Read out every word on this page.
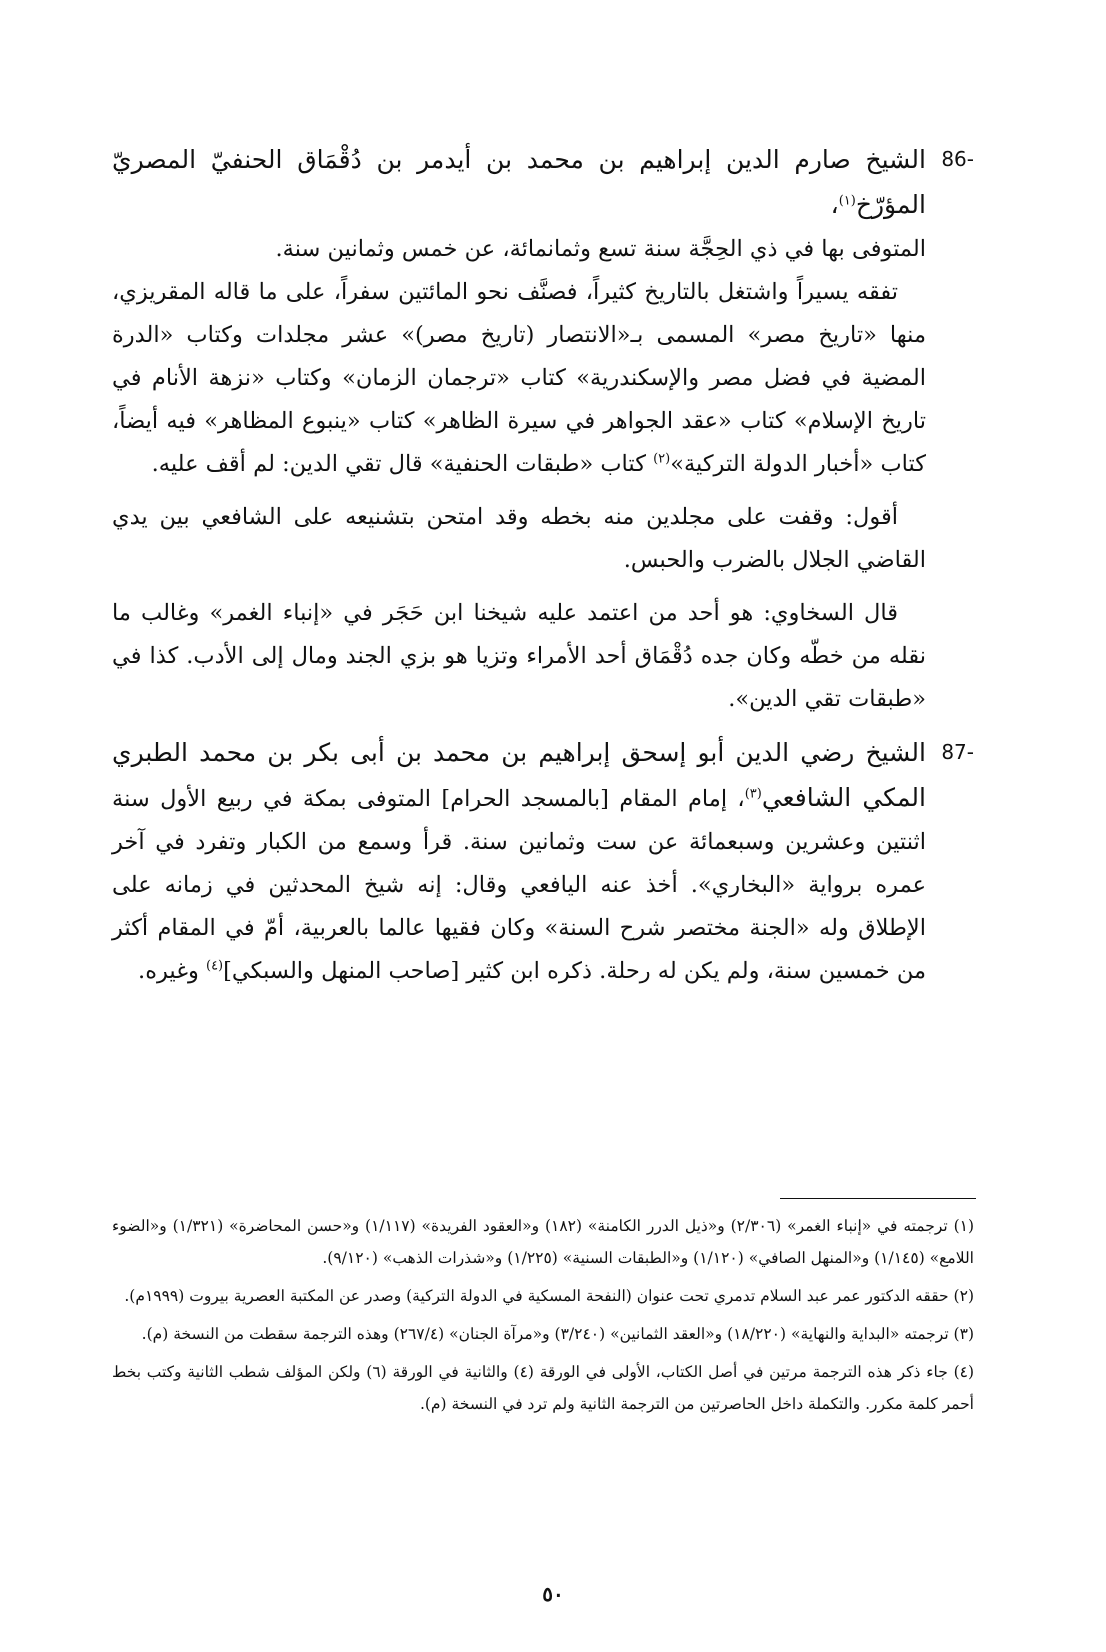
86-
الشيخ صارم الدين إبراهيم بن محمد بن أيدمر بن دُقْمَاق الحنفيّ المصريّ المؤرّخ$^{(١)}$،

المتوفى بها في ذي الحِجَّة سنة تسع وثمانمائة، عن خمس وثمانين سنة.

تفقه يسيراً واشتغل بالتاريخ كثيراً، فصنَّف نحو المائتين سفراً، على ما قاله المقريزي، منها «تاريخ مصر» المسمى بـ«الانتصار (تاريخ مصر)» عشر مجلدات وكتاب «الدرة المضية في فضل مصر والإسكندرية» كتاب «ترجمان الزمان» وكتاب «نزهة الأنام في تاريخ الإسلام» كتاب «عقد الجواهر في سيرة الظاهر» كتاب «ينبوع المظاهر» فيه أيضاً، كتاب «أخبار الدولة التركية»$^{(٢)}$ كتاب «طبقات الحنفية» قال تقي الدين: لم أقف عليه.

أقول: وقفت على مجلدين منه بخطه وقد امتحن بتشنيعه على الشافعي بين يدي القاضي الجلال بالضرب والحبس.

قال السخاوي: هو أحد من اعتمد عليه شيخنا ابن حَجَر في «إنباء الغمر» وغالب ما نقله من خطّه وكان جده دُقْمَاق أحد الأمراء وتزيا هو بزي الجند ومال إلى الأدب. كذا في «طبقات تقي الدين».

87-
الشيخ رضي الدين أبو إسحق إبراهيم بن محمد بن أبى بكر بن محمد الطبري المكي الشافعي$^{(٣)}$، إمام المقام [بالمسجد الحرام] المتوفى بمكة في ربيع الأول سنة اثنتين وعشرين وسبعمائة عن ست وثمانين سنة. قرأ وسمع من الكبار وتفرد في آخر عمره برواية «البخاري». أخذ عنه اليافعي وقال: إنه شيخ المحدثين في زمانه على الإطلاق وله «الجنة مختصر شرح السنة» وكان فقيها عالما بالعربية، أمّ في المقام أكثر من خمسين سنة، ولم يكن له رحلة. ذكره ابن كثير [صاحب المنهل والسبكي]$^{(٤)}$ وغيره.

(١) ترجمته في «إنباء الغمر» (٢/٣٠٦) و«ذيل الدرر الكامنة» (١٨٢) و«العقود الفريدة» (١/١١٧) و«حسن المحاضرة» (١/٣٢١) و«الضوء اللامع» (١/١٤٥) و«المنهل الصافي» (١/١٢٠) و«الطبقات السنية» (١/٢٢٥) و«شذرات الذهب» (٩/١٢٠).

(٢) حققه الدكتور عمر عبد السلام تدمري تحت عنوان (النفحة المسكية في الدولة التركية) وصدر عن المكتبة العصرية بيروت (١٩٩٩م).

(٣) ترجمته «البداية والنهاية» (١٨/٢٢٠) و«العقد الثمانين» (٣/٢٤٠) و«مرآة الجنان» (٢٦٧/٤) وهذه الترجمة سقطت من النسخة (م).

(٤) جاء ذكر هذه الترجمة مرتين في أصل الكتاب، الأولى في الورقة (٤) والثانية في الورقة (٦) ولكن المؤلف شطب الثانية وكتب بخط أحمر كلمة مكرر. والتكملة داخل الحاصرتين من الترجمة الثانية ولم ترد في النسخة (م).

٥٠
